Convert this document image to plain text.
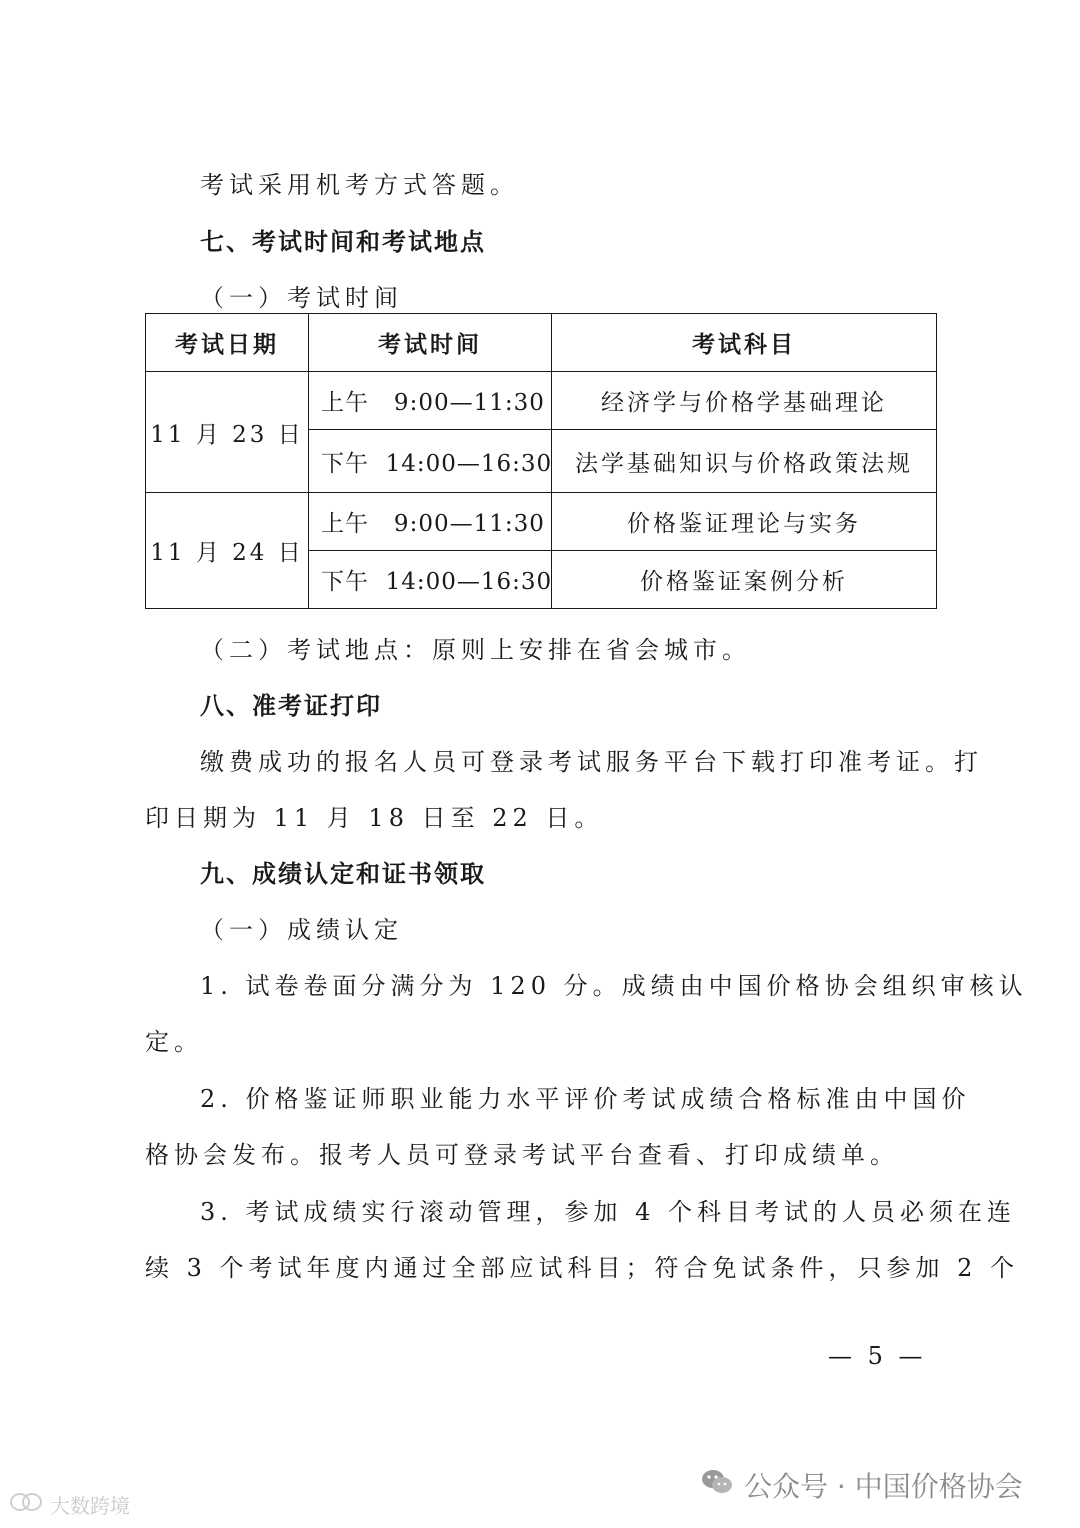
考试采用机考方式答题。
七、考试时间和考试地点
（一）考试时间
考试日期	考试时间	考试科目
11 月 23 日	上午   9:00—11:30	经济学与价格学基础理论
	下午  14:00—16:30	法学基础知识与价格政策法规
11 月 24 日	上午   9:00—11:30	价格鉴证理论与实务
	下午  14:00—16:30	价格鉴证案例分析
（二）考试地点：原则上安排在省会城市。
八、准考证打印
缴费成功的报名人员可登录考试服务平台下载打印准考证。打
印日期为 11 月 18 日至 22 日。
九、成绩认定和证书领取
（一）成绩认定
1. 试卷卷面分满分为 120 分。成绩由中国价格协会组织审核认
定。
2. 价格鉴证师职业能力水平评价考试成绩合格标准由中国价
格协会发布。报考人员可登录考试平台查看、打印成绩单。
3. 考试成绩实行滚动管理，参加 4 个科目考试的人员必须在连
续 3 个考试年度内通过全部应试科目；符合免试条件，只参加 2 个
— 5 —
公众号 · 中国价格协会
大数跨境
